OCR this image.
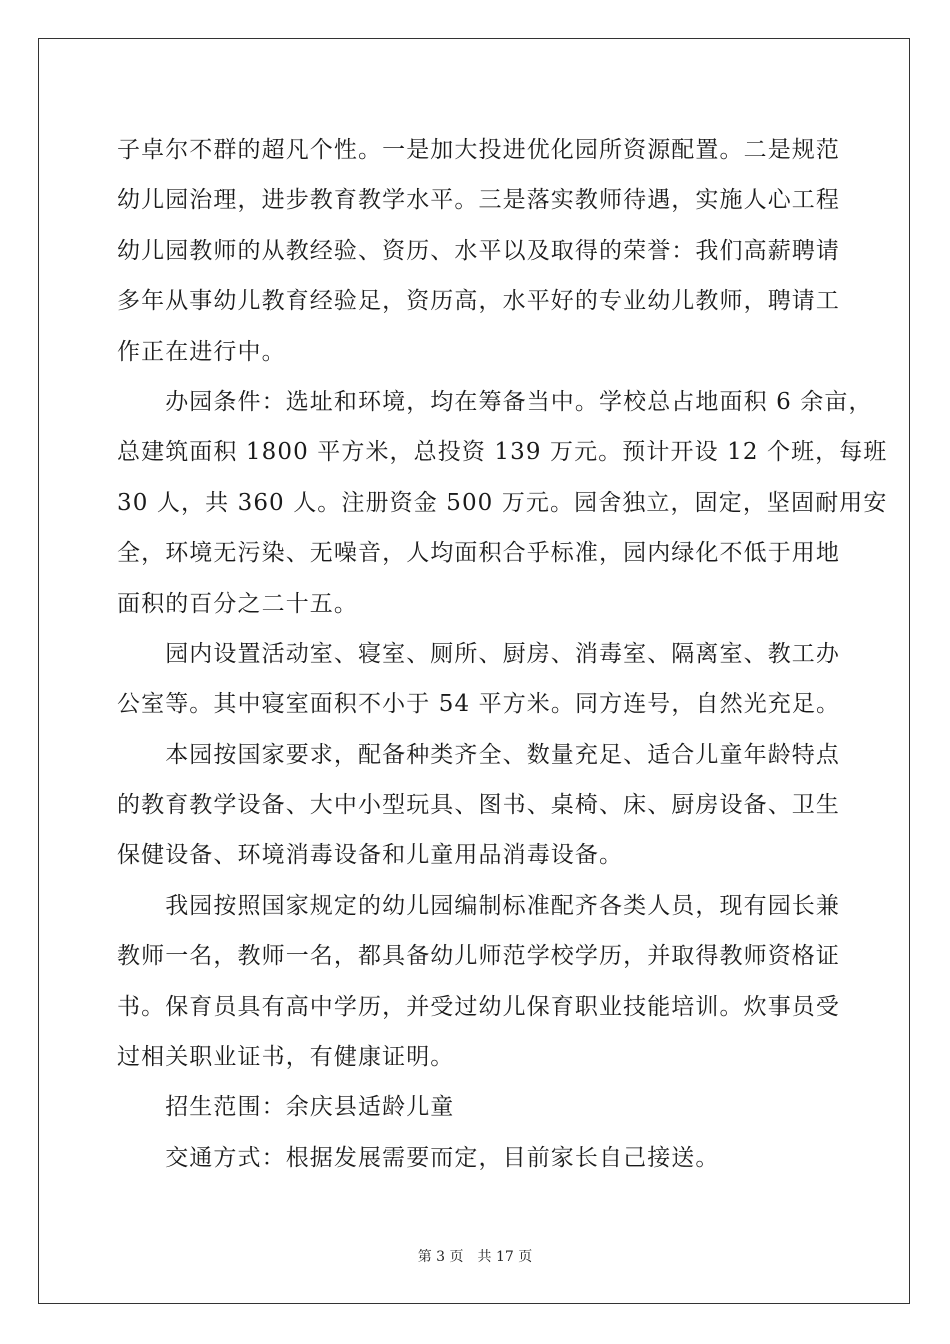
子卓尔不群的超凡个性。一是加大投进优化园所资源配置。二是规范
幼儿园治理，进步教育教学水平。三是落实教师待遇，实施人心工程
幼儿园教师的从教经验、资历、水平以及取得的荣誉：我们高薪聘请
多年从事幼儿教育经验足，资历高，水平好的专业幼儿教师，聘请工
作正在进行中。
　　办园条件：选址和环境，均在筹备当中。学校总占地面积 6 余亩，
总建筑面积 1800 平方米，总投资 139 万元。预计开设 12 个班，每班
30 人，共 360 人。注册资金 500 万元。园舍独立，固定，坚固耐用安
全，环境无污染、无噪音，人均面积合乎标准，园内绿化不低于用地
面积的百分之二十五。
　　园内设置活动室、寝室、厕所、厨房、消毒室、隔离室、教工办
公室等。其中寝室面积不小于 54 平方米。同方连号，自然光充足。
　　本园按国家要求，配备种类齐全、数量充足、适合儿童年龄特点
的教育教学设备、大中小型玩具、图书、桌椅、床、厨房设备、卫生
保健设备、环境消毒设备和儿童用品消毒设备。
　　我园按照国家规定的幼儿园编制标准配齐各类人员，现有园长兼
教师一名，教师一名，都具备幼儿师范学校学历，并取得教师资格证
书。保育员具有高中学历，并受过幼儿保育职业技能培训。炊事员受
过相关职业证书，有健康证明。
　　招生范围：余庆县适龄儿童
　　交通方式：根据发展需要而定，目前家长自己接送。
第 3 页　共 17 页
